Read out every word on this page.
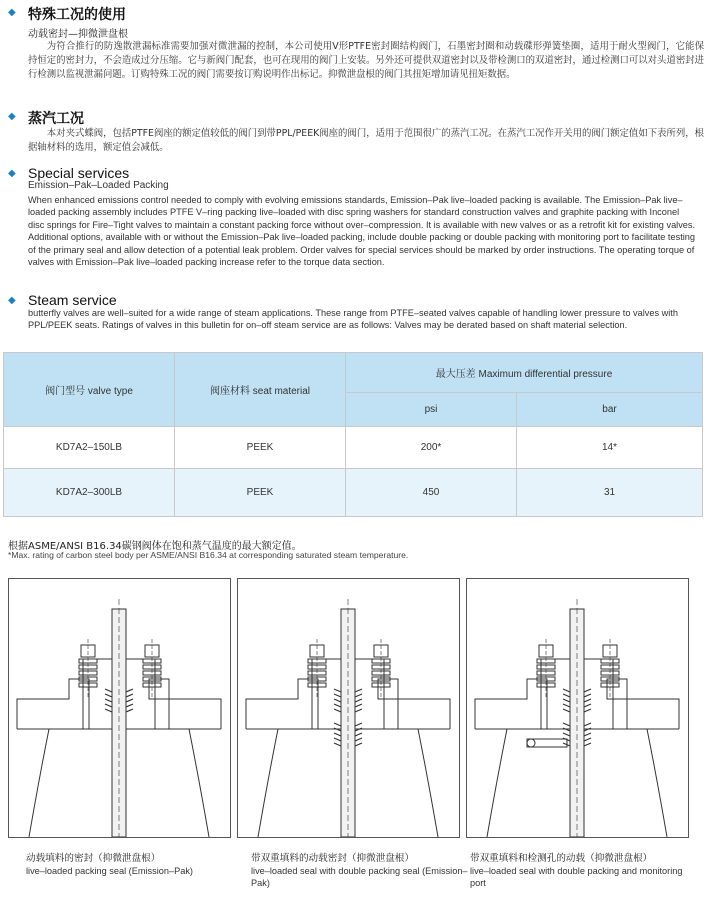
◆ 特殊工况的使用
动载密封—抑微泄盘根
为符合推行的防逸散泄漏标准需要加强对微泄漏的控制，本公司使用V形PTFE密封圈结构阀门，石墨密封圈和动载碟形弹簧垫圈，适用于耐火型阀门，它能保持恒定的密封力，不会造成过分压缩。它与新阀门配套，也可在现用的阀门上安装。另外还可提供双道密封以及带检测口的双道密封，通过检测口可以对头道密封进行检测以监视泄漏问题。订购特殊工况的阀门需要按订购说明作出标记。抑微泄盘根的阀门其扭矩增加请见扭矩数据。
◆ 蒸汽工况
本对夹式蝶阀，包括PTFE阀座的额定值较低的阀门到带PPL/PEEK阀座的阀门，适用于范围很广的蒸汽工况。在蒸汽工况作开关用的阀门额定值如下表所列，根据轴材料的选用，额定值会减低。
◆ Special services
Emission–Pak–Loaded Packing
When enhanced emissions control needed to comply with evolving emissions standards, Emission–Pak live–loaded packing is available. The Emission–Pak live–loaded packing assembly includes PTFE V–ring packing live–loaded with disc spring washers for standard construction valves and graphite packing with Inconel disc springs for Fire–Tight valves to maintain a constant packing force without over–compression. It is available with new valves or as a retrofit kit for existing valves. Additional options, available with or without the Emission–Pak live–loaded packing, include double packing or double packing with monitoring port to facilitate testing of the primary seal and allow detection of a potential leak problem. Order valves for special services should be marked by order instructions. The operating torque of valves with Emission–Pak live–loaded packing increase refer to the torque data section.
◆ Steam service
butterfly valves are well–suited for a wide range of steam applications. These range from PTFE–seated valves capable of handling lower pressure to valves with PPL/PEEK seats. Ratings of valves in this bulletin for on–off steam service are as follows: Valves may be derated based on shaft material selection.
阀门型号 valve type	阀座材料 seat material	最大压差 Maximum differential pressure	
		psi	bar
KD7A2–150LB	PEEK	200*	14*
KD7A2–300LB	PEEK	450	31
根据ASME/ANSI B16.34碳钢阀体在饱和蒸气温度的最大额定值。
*Max. rating of carbon steel body per ASME/ANSI B16.34 at corresponding saturated steam temperature.
动载填料的密封（抑微泄盘根）
live–loaded packing seal (Emission–Pak)
带双重填料的动载密封（抑微泄盘根）
live–loaded seal with double packing seal (Emission–Pak)
带双重填料和检测孔的动载（抑微泄盘根）
live–loaded seal with double packing and monitoring port
